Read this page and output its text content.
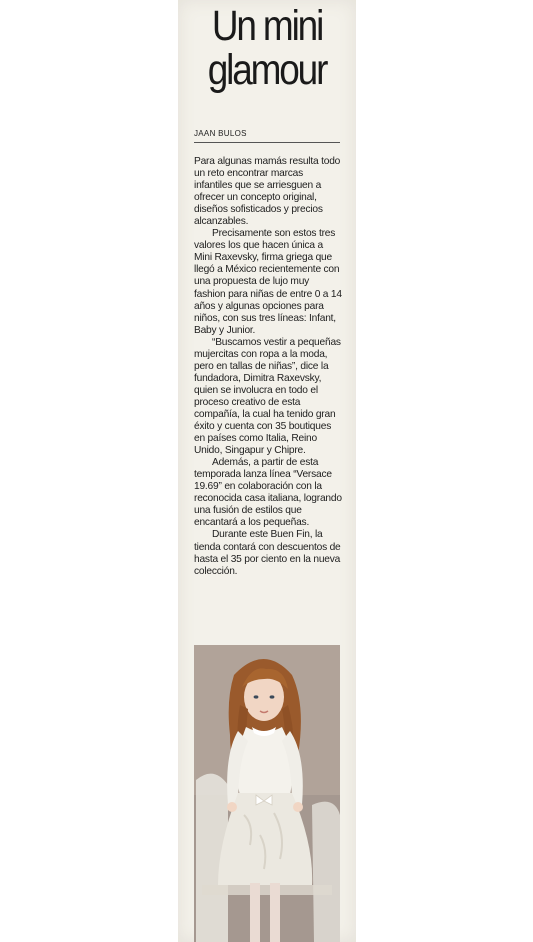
Un mini
glamour
JAAN BULOS

Para algunas mamás resulta todo un reto encontrar marcas infantiles que se arriesguen a ofrecer un concepto original, diseños sofisticados y precios alcanzables.

Precisamente son estos tres valores los que hacen única a Mini Raxevsky, firma griega que llegó a México recientemente con una propuesta de lujo muy fashion para niñas de entre 0 a 14 años y algunas opciones para niños, con sus tres líneas: Infant, Baby y Junior.

“Buscamos vestir a pequeñas mujercitas con ropa a la moda, pero en tallas de niñas”, dice la fundadora, Dimitra Raxevsky, quien se involucra en todo el proceso creativo de esta compañía, la cual ha tenido gran éxito y cuenta con 35 boutiques en países como Italia, Reino Unido, Singapur y Chipre.

Además, a partir de esta temporada lanza línea “Versace 19.69” en colaboración con la reconocida casa italiana, logrando una fusión de estilos que encantará a los pequeñas.

Durante este Buen Fin, la tienda contará con descuentos de hasta el 35 por ciento en la nueva colección.
